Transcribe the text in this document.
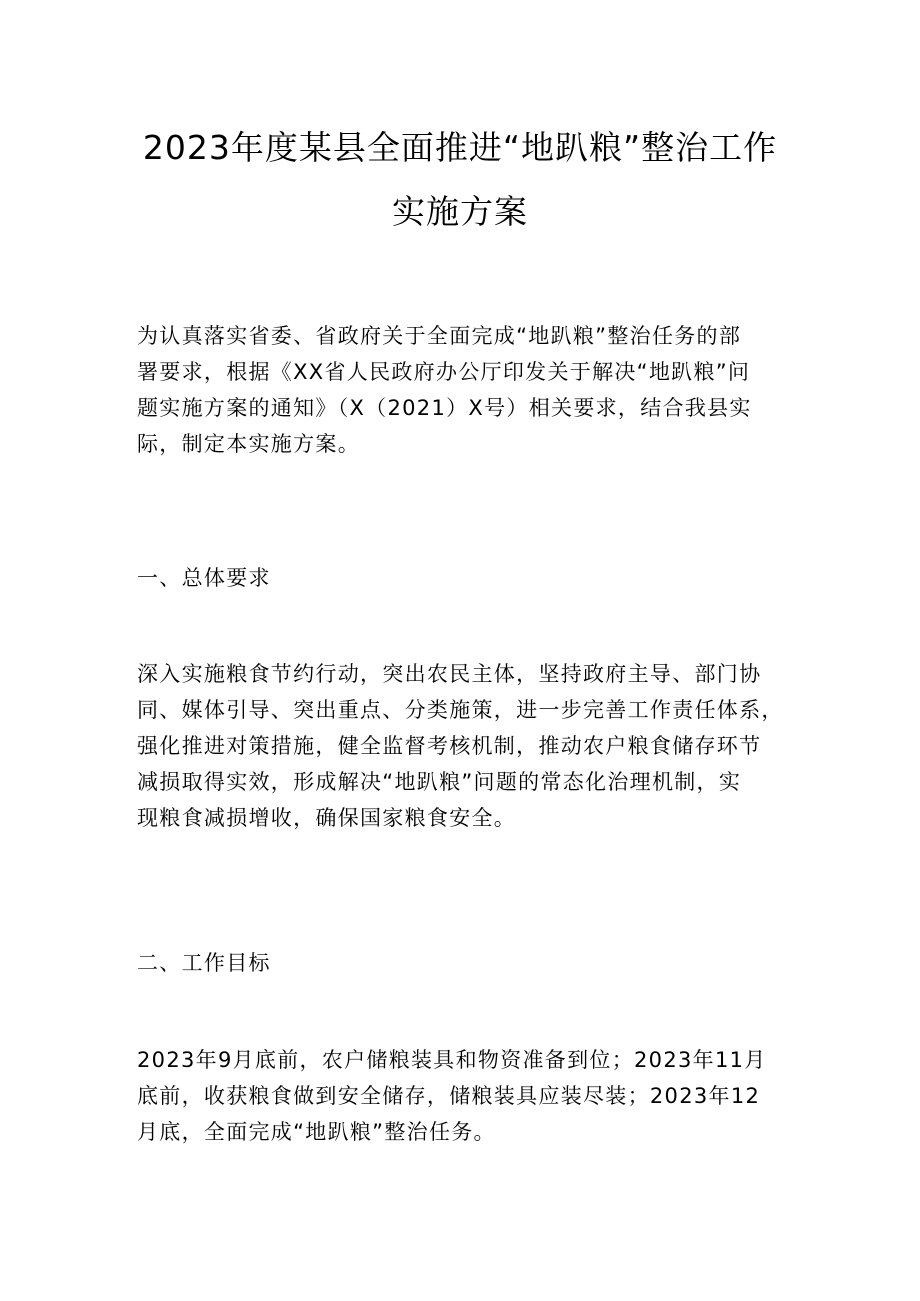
2023年度某县全面推进“地趴粮”整治工作
实施方案
为认真落实省委、省政府关于全面完成“地趴粮”整治任务的部
署要求，根据《XX省人民政府办公厅印发关于解决“地趴粮”问
题实施方案的通知》（X（2021）X号）相关要求，结合我县实
际，制定本实施方案。
一、总体要求
深入实施粮食节约行动，突出农民主体，坚持政府主导、部门协
同、媒体引导、突出重点、分类施策，进一步完善工作责任体系，
强化推进对策措施，健全监督考核机制，推动农户粮食储存环节
减损取得实效，形成解决“地趴粮”问题的常态化治理机制，实
现粮食减损增收，确保国家粮食安全。
二、工作目标
2023年9月底前，农户储粮装具和物资准备到位；2023年11月
底前，收获粮食做到安全储存，储粮装具应装尽装；2023年12
月底，全面完成“地趴粮”整治任务。
